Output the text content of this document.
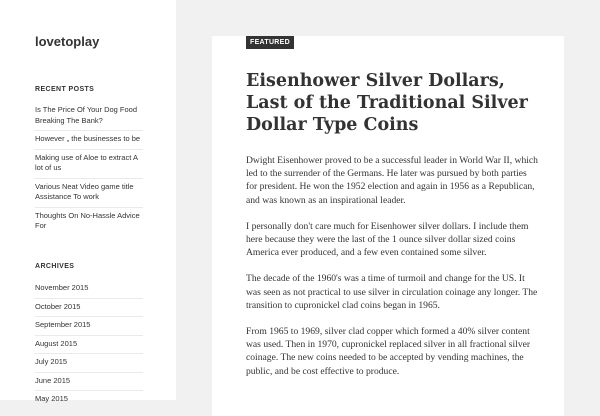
lovetoplay
RECENT POSTS
Is The Price Of Your Dog Food Breaking The Bank?
However „ the businesses to be
Making use of Aloe to extract A lot of us
Various Neat Video game title Assistance To work
Thoughts On No-Hassle Advice For
ARCHIVES
November 2015
October 2015
September 2015
August 2015
July 2015
June 2015
May 2015
FEATURED
Eisenhower Silver Dollars, Last of the Traditional Silver Dollar Type Coins

Dwight Eisenhower proved to be a successful leader in World War II, which led to the surrender of the Germans. He later was pursued by both parties for president. He won the 1952 election and again in 1956 as a Republican, and was known as an inspirational leader.

I personally don't care much for Eisenhower silver dollars. I include them here because they were the last of the 1 ounce silver dollar sized coins America ever produced, and a few even contained some silver.

The decade of the 1960's was a time of turmoil and change for the US. It was seen as not practical to use silver in circulation coinage any longer. The transition to cupronickel clad coins began in 1965.

From 1965 to 1969, silver clad copper which formed a 40% silver content was used. Then in 1970, cupronickel replaced silver in all fractional silver coinage. The new coins needed to be accepted by vending machines, the public, and be cost effective to produce.
